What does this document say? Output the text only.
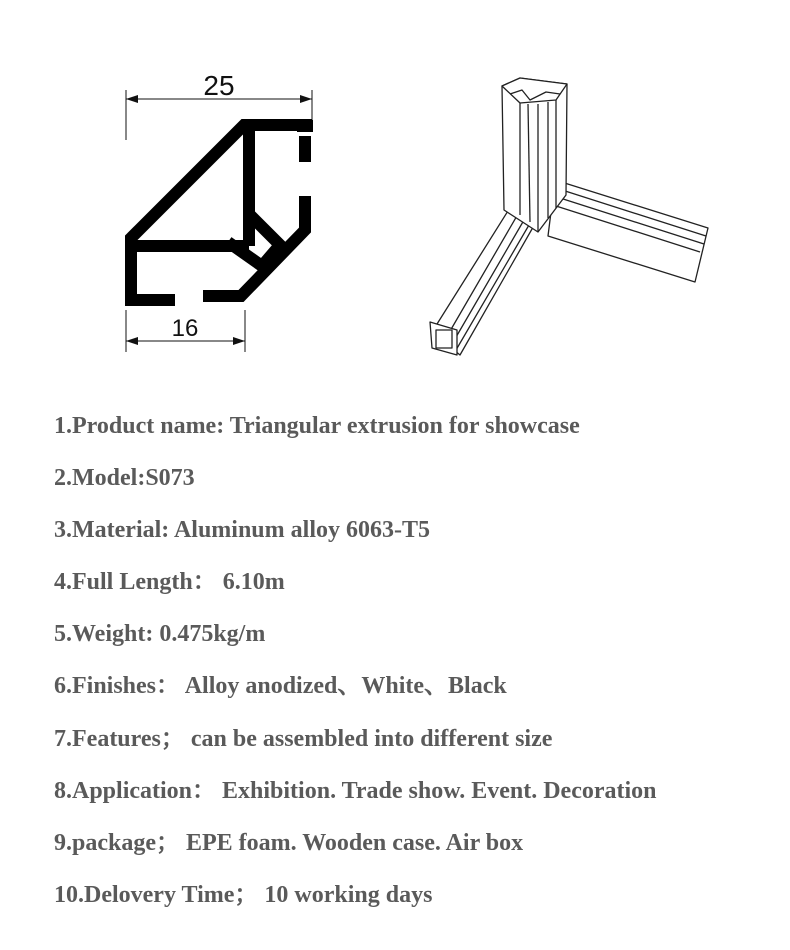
25
16
1.Product name: Triangular extrusion for showcase
2.Model:S073
3.Material: Aluminum alloy 6063-T5
4.Full Length： 6.10m
5.Weight: 0.475kg/m
6.Finishes： Alloy anodized、White、Black
7.Features； can be assembled into different size
8.Application： Exhibition. Trade show. Event. Decoration
9.package； EPE foam. Wooden case. Air box
10.Delovery Time； 10 working days
